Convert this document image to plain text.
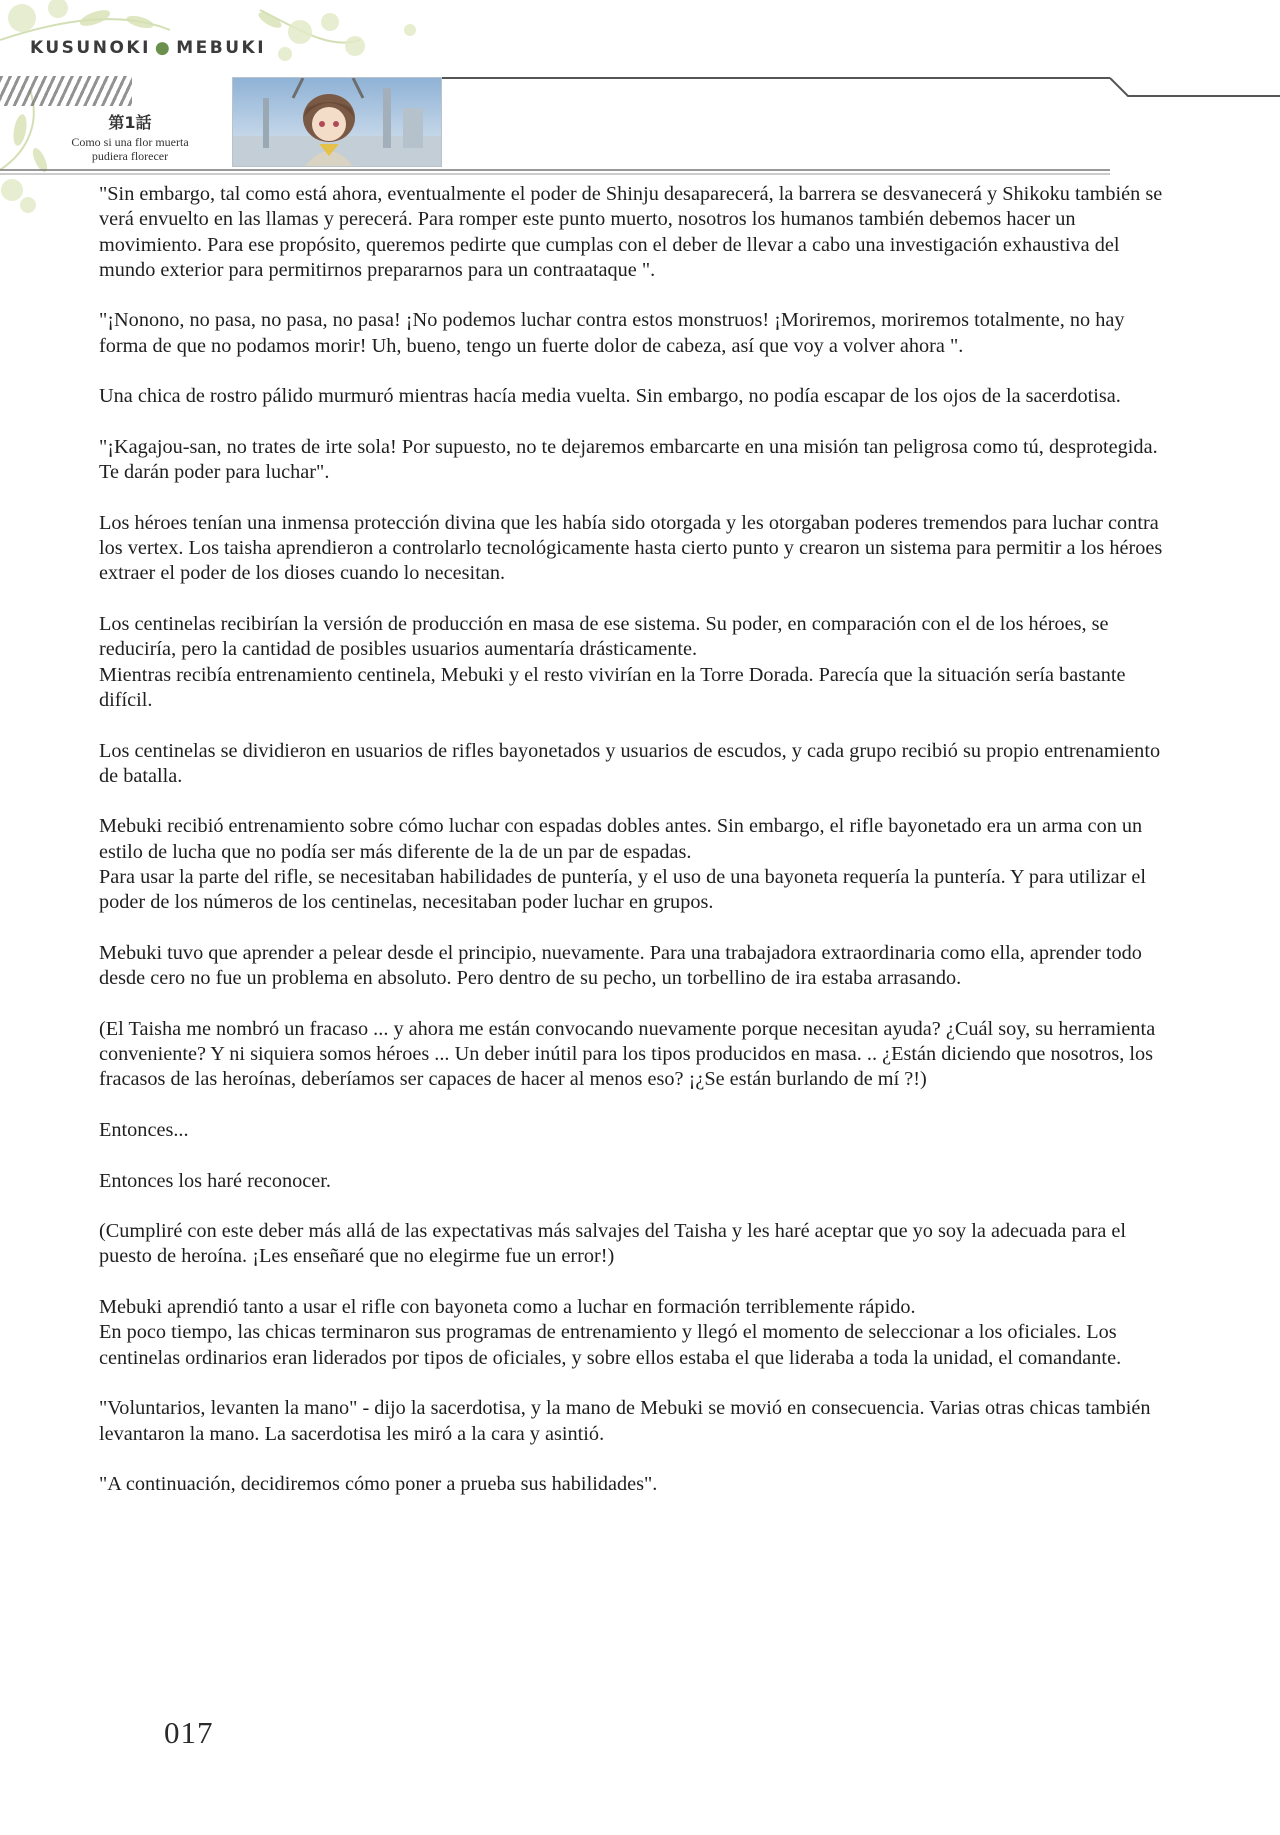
KUSUNOKI ● MEBUKI
第1話
Como si una flor muerta
pudiera florecer

"Sin embargo, tal como está ahora, eventualmente el poder de Shinju desaparecerá, la barrera se desvanecerá y Shikoku también se verá envuelto en las llamas y perecerá. Para romper este punto muerto, nosotros los humanos también debemos hacer un movimiento. Para ese propósito, queremos pedirte que cumplas con el deber de llevar a cabo una investigación exhaustiva del mundo exterior para permitirnos prepararnos para un contraataque ".

"¡Nonono, no pasa, no pasa, no pasa! ¡No podemos luchar contra estos monstruos! ¡Moriremos, moriremos totalmente, no hay forma de que no podamos morir! Uh, bueno, tengo un fuerte dolor de cabeza, así que voy a volver ahora ".

Una chica de rostro pálido murmuró mientras hacía media vuelta. Sin embargo, no podía escapar de los ojos de la sacerdotisa.

"¡Kagajou-san, no trates de irte sola! Por supuesto, no te dejaremos embarcarte en una misión tan peligrosa como tú, desprotegida. Te darán poder para luchar".

Los héroes tenían una inmensa protección divina que les había sido otorgada y les otorgaban poderes tremendos para luchar contra los vertex. Los taisha aprendieron a controlarlo tecnológicamente hasta cierto punto y crearon un sistema para permitir a los héroes extraer el poder de los dioses cuando lo necesitan.

Los centinelas recibirían la versión de producción en masa de ese sistema. Su poder, en comparación con el de los héroes, se reduciría, pero la cantidad de posibles usuarios aumentaría drásticamente.
Mientras recibía entrenamiento centinela, Mebuki y el resto vivirían en la Torre Dorada. Parecía que la situación sería bastante difícil.

Los centinelas se dividieron en usuarios de rifles bayonetados y usuarios de escudos, y cada grupo recibió su propio entrenamiento de batalla.

Mebuki recibió entrenamiento sobre cómo luchar con espadas dobles antes. Sin embargo, el rifle bayonetado era un arma con un estilo de lucha que no podía ser más diferente de la de un par de espadas.
Para usar la parte del rifle, se necesitaban habilidades de puntería, y el uso de una bayoneta requería la puntería. Y para utilizar el poder de los números de los centinelas, necesitaban poder luchar en grupos.

Mebuki tuvo que aprender a pelear desde el principio, nuevamente. Para una trabajadora extraordinaria como ella, aprender todo desde cero no fue un problema en absoluto. Pero dentro de su pecho, un torbellino de ira estaba arrasando.

(El Taisha me nombró un fracaso ... y ahora me están convocando nuevamente porque necesitan ayuda? ¿Cuál soy, su herramienta conveniente? Y ni siquiera somos héroes ... Un deber inútil para los tipos producidos en masa. .. ¿Están diciendo que nosotros, los fracasos de las heroínas, deberíamos ser capaces de hacer al menos eso? ¡¿Se están burlando de mí ?!)

Entonces...

Entonces los haré reconocer.

(Cumpliré con este deber más allá de las expectativas más salvajes del Taisha y les haré aceptar que yo soy la adecuada para el puesto de heroína. ¡Les enseñaré que no elegirme fue un error!)

Mebuki aprendió tanto a usar el rifle con bayoneta como a luchar en formación terriblemente rápido.
En poco tiempo, las chicas terminaron sus programas de entrenamiento y llegó el momento de seleccionar a los oficiales. Los centinelas ordinarios eran liderados por tipos de oficiales, y sobre ellos estaba el que lideraba a toda la unidad, el comandante.

"Voluntarios, levanten la mano" - dijo la sacerdotisa, y la mano de Mebuki se movió en consecuencia. Varias otras chicas también levantaron la mano. La sacerdotisa les miró a la cara y asintió.

"A continuación, decidiremos cómo poner a prueba sus habilidades".

017
